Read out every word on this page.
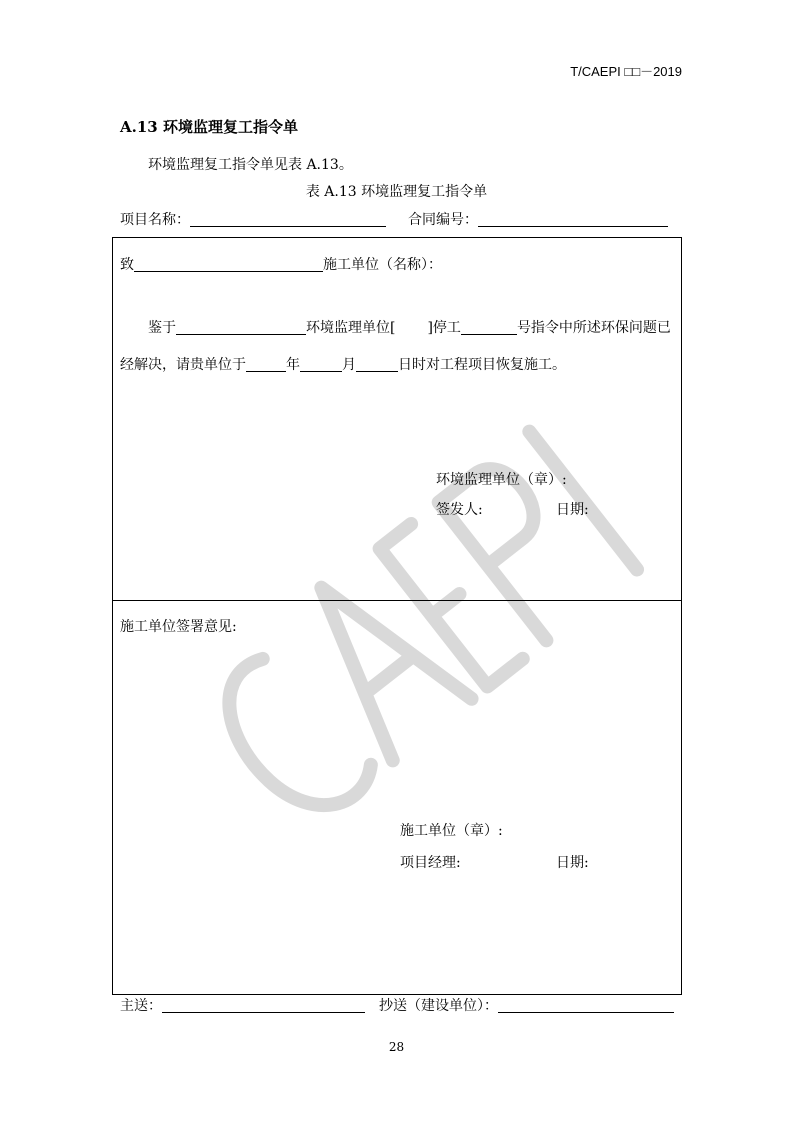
T/CAEPI □□－2019
A.13 环境监理复工指令单
环境监理复工指令单见表 A.13。
表 A.13 环境监理复工指令单
项目名称：	合同编号：
致	施工单位（名称）：
鉴于	环境监理单位[ ]停工	号指令中所述环保问题已
经解决，请贵单位于	年	月	日时对工程项目恢复施工。
环境监理单位（章）:
签发人:	日期:
施工单位签署意见:
施工单位（章）:
项目经理:	日期:
主送：	抄送（建设单位）：
28
